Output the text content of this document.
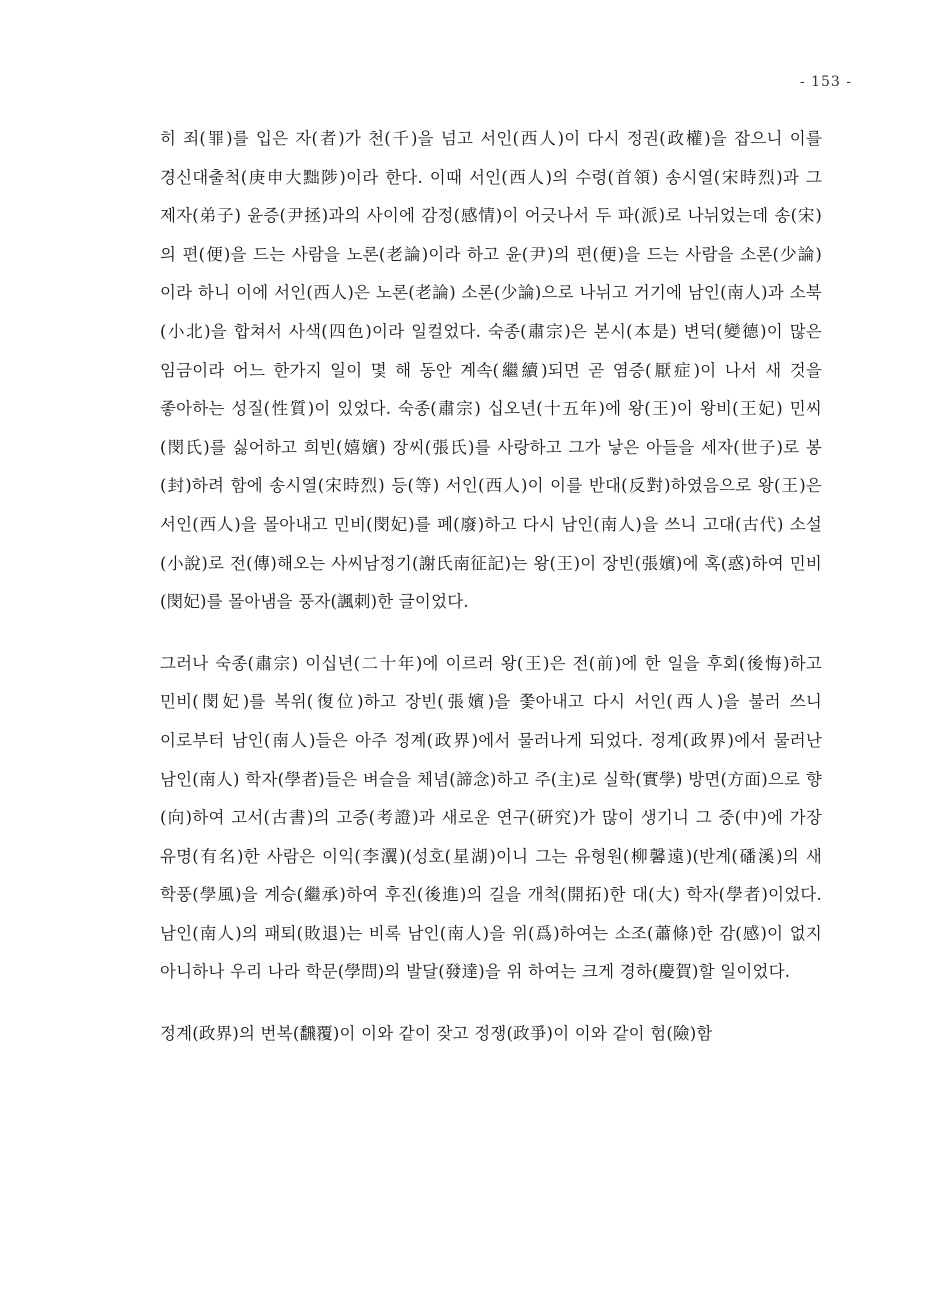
- 153 -

히 죄(罪)를 입은 자(者)가 천(千)을 넘고 서인(西人)이 다시 정권(政權)을 잡으니 이를 경신대출척(庚申大黜陟)이라 한다. 이때 서인(西人)의 수령(首領) 송시열(宋時烈)과 그 제자(弟子) 윤증(尹拯)과의 사이에 감정(感情)이 어긋나서 두 파(派)로 나뉘었는데 송(宋)의 편(便)을 드는 사람을 노론(老論)이라 하고 윤(尹)의 편(便)을 드는 사람을 소론(少論)이라 하니 이에 서인(西人)은 노론(老論) 소론(少論)으로 나뉘고 거기에 남인(南人)과 소북(小北)을 합쳐서 사색(四色)이라 일컬었다. 숙종(肅宗)은 본시(本是) 변덕(變德)이 많은 임금이라 어느 한가지 일이 몇 해 동안 계속(繼續)되면 곧 염증(厭症)이 나서 새 것을 좋아하는 성질(性質)이 있었다. 숙종(肅宗) 십오년(十五年)에 왕(王)이 왕비(王妃) 민씨(閔氏)를 싫어하고 희빈(嬉嬪) 장씨(張氏)를 사랑하고 그가 낳은 아들을 세자(世子)로 봉(封)하려 함에 송시열(宋時烈) 등(等) 서인(西人)이 이를 반대(反對)하였음으로 왕(王)은 서인(西人)을 몰아내고 민비(閔妃)를 폐(廢)하고 다시 남인(南人)을 쓰니 고대(古代) 소설(小說)로 전(傳)해오는 사씨남정기(謝氏南征記)는 왕(王)이 장빈(張嬪)에 혹(惑)하여 민비(閔妃)를 몰아냄을 풍자(諷刺)한 글이었다.

그러나 숙종(肅宗) 이십년(二十年)에 이르러 왕(王)은 전(前)에 한 일을 후회(後悔)하고 민비(閔妃)를 복위(復位)하고 장빈(張嬪)을 쫓아내고 다시 서인(西人)을 불러 쓰니 이로부터 남인(南人)들은 아주 정계(政界)에서 물러나게 되었다. 정계(政界)에서 물러난 남인(南人) 학자(學者)들은 벼슬을 체념(諦念)하고 주(主)로 실학(實學) 방면(方面)으로 향(向)하여 고서(古書)의 고증(考證)과 새로운 연구(硏究)가 많이 생기니 그 중(中)에 가장 유명(有名)한 사람은 이익(李瀷)(성호(星湖)이니 그는 유형원(柳馨遠)(반계(磻溪)의 새 학풍(學風)을 계승(繼承)하여 후진(後進)의 길을 개척(開拓)한 대(大) 학자(學者)이었다. 남인(南人)의 패퇴(敗退)는 비록 남인(南人)을 위(爲)하여는 소조(蕭條)한 감(感)이 없지 아니하나 우리 나라 학문(學問)의 발달(發達)을 위 하여는 크게 경하(慶賀)할 일이었다.

정계(政界)의 번복(飜覆)이 이와 같이 잦고 정쟁(政爭)이 이와 같이 험(險)함
